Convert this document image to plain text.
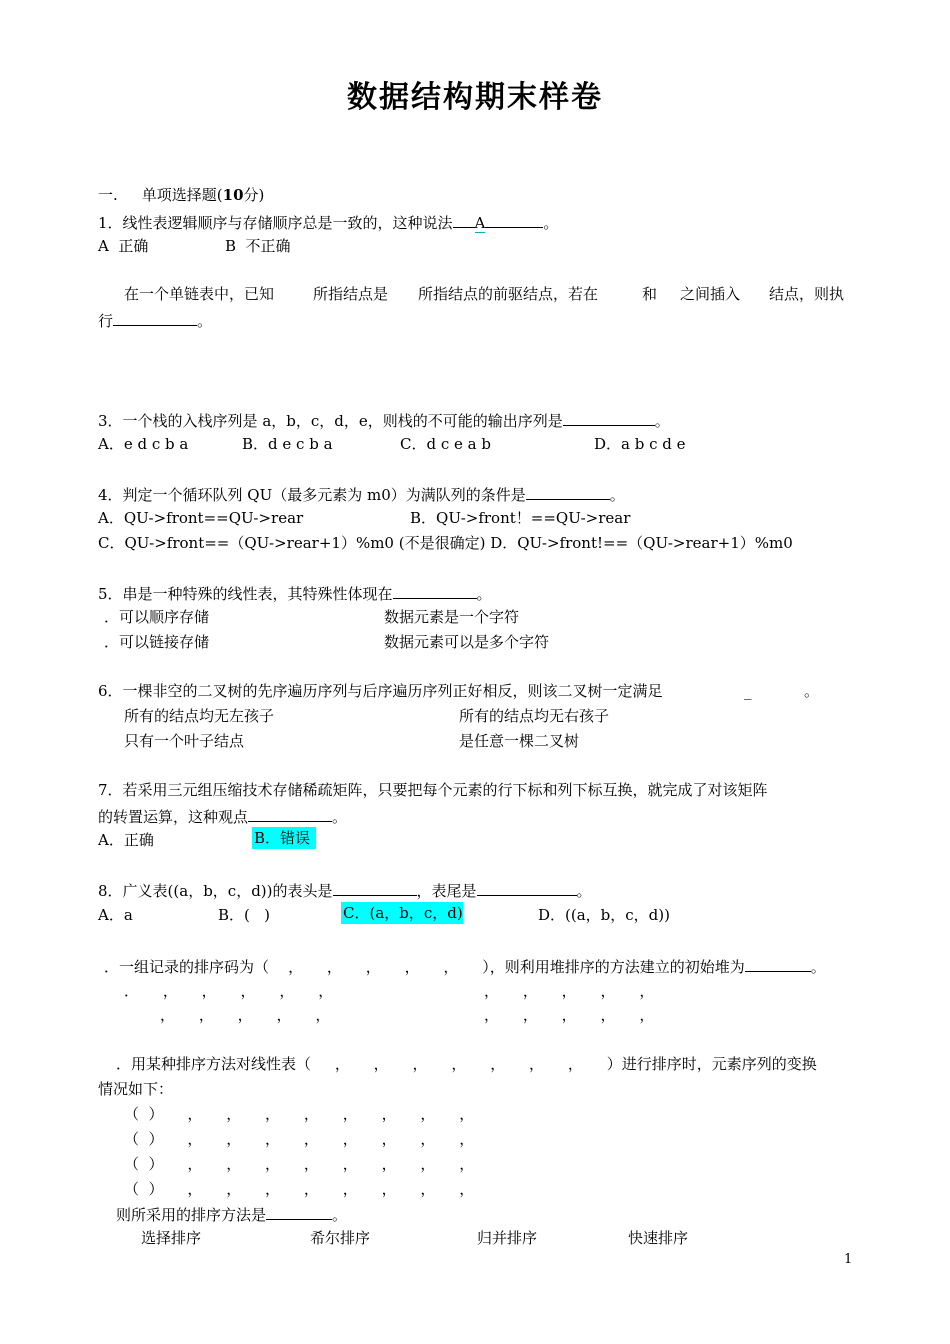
数据结构期末样卷
一. 单项选择题(10分)
1．线性表逻辑顺序与存储顺序总是一致的，这种说法 A	。
A  正确	B  不正确
在一个单链表中，已知	所指结点是 所指结点的前驱结点，若在	和 之间插入 结点，则执
行	。
3．一个栈的入栈序列是 a，b，c，d，e，则栈的不可能的输出序列是	。
A．e d c b a	B．d e c b a	C．d c e a b	D．a b c d e
4．判定一个循环队列 QU（最多元素为 m0）为满队列的条件是	。
A．QU->front==QU->rear	B．QU->front！==QU->rear
C．QU->front==（QU->rear+1）%m0 (不是很确定) D．QU->front!==（QU->rear+1）%m0
5．串是一种特殊的线性表，其特殊性体现在	。
．可以顺序存储	数据元素是一个字符
．可以链接存储	数据元素可以是多个字符
6．一棵非空的二叉树的先序遍历序列与后序遍历序列正好相反，则该二叉树一定满足	_	。
所有的结点均无左孩子	所有的结点均无右孩子
只有一个叶子结点	是任意一棵二叉树
7．若采用三元组压缩技术存储稀疏矩阵，只要把每个元素的行下标和列下标互换，就完成了对该矩阵
的转置运算，这种观点	。
A．正确	B．错误
8．广义表((a，b，c，d))的表头是	，表尾是	。
A．a	B．(   )	C．(a，b，c，d)	D．((a，b，c，d))
．一组记录的排序码为（    ，     ，     ，     ，     ，     ），则利用堆排序的方法建立的初始堆为	。
．     ，     ，     ，     ，     ，	，     ，     ，     ，     ，
，     ，     ，     ，     ，	，     ，     ，     ，     ，
．用某种排序方法对线性表（     ，     ，     ，     ，     ，     ，     ，     ）进行排序时，元素序列的变换
情况如下：
（  ）     ，     ，     ，     ，     ，     ，     ，     ，
（  ）     ，     ，     ，     ，     ，     ，     ，     ，
（  ）     ，     ，     ，     ，     ，     ，     ，     ，
（  ）     ，     ，     ，     ，     ，     ，     ，     ，
则所采用的排序方法是	。
选择排序	希尔排序	归并排序	快速排序
1
